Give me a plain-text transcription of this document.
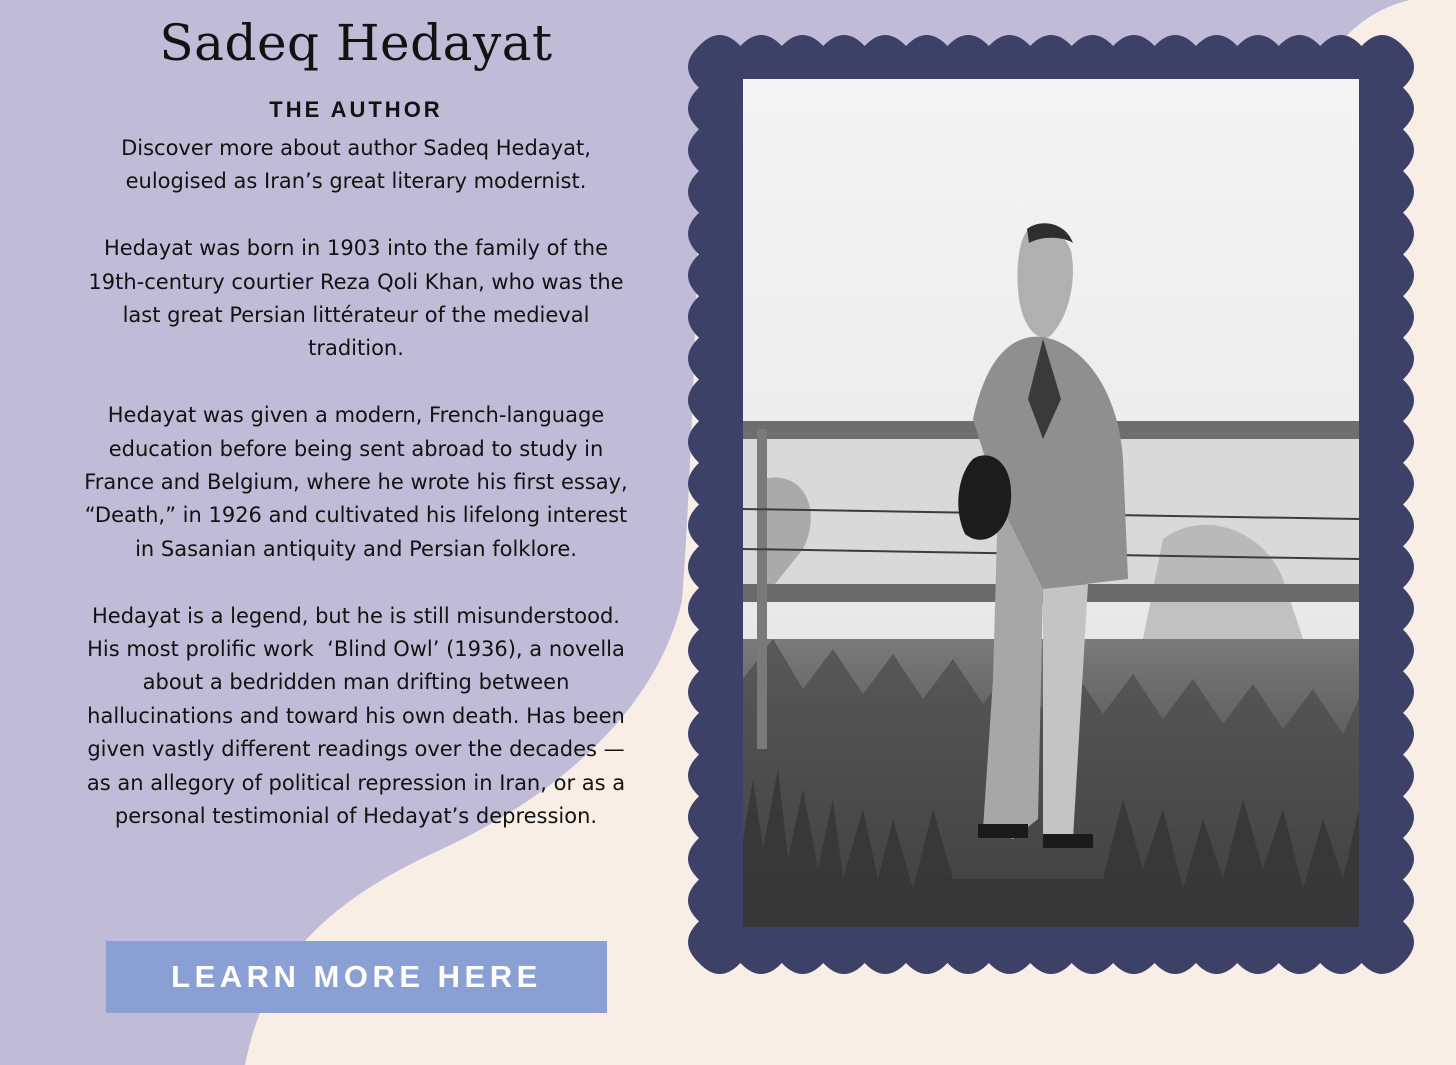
Sadeq Hedayat
THE AUTHOR

Discover more about author Sadeq Hedayat, eulogised as Iran’s great literary modernist.

Hedayat was born in 1903 into the family of the 19th-century courtier Reza Qoli Khan, who was the last great Persian littérateur of the medieval tradition.

Hedayat was given a modern, French-language education before being sent abroad to study in France and Belgium, where he wrote his first essay, “Death,” in 1926 and cultivated his lifelong interest in Sasanian antiquity and Persian folklore.

Hedayat is a legend, but he is still misunderstood. His most prolific work  ‘Blind Owl’ (1936), a novella about a bedridden man drifting between hallucinations and toward his own death. Has been given vastly different readings over the decades — as an allegory of political repression in Iran, or as a personal testimonial of Hedayat’s depression.

LEARN MORE HERE
